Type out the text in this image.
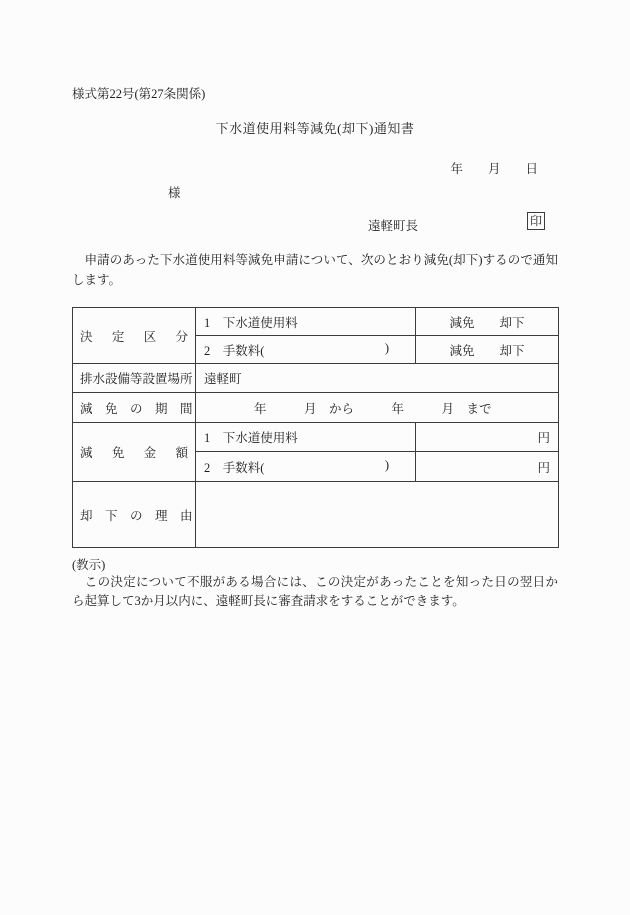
様式第22号(第27条関係)
下水道使用料等減免(却下)通知書
年　　月　　日
様
遠軽町長	印

　申請のあった下水道使用料等減免申請について、次のとおり減免(却下)するので通知します。

決　定　区　分	1　下水道使用料	減免　　却下

	2　手数料( )	減免　　却下
排水設備等設置場所	遠軽町	
減　免　の　期　間	　　　　年　　　月　から　　　年　　　月　まで	
減　免　金　額	1　下水道使用料	円

	2　手数料( )	円
却　下　の　理　由		
(教示)

　この決定について不服がある場合には、この決定があったことを知った日の翌日から起算して3か月以内に、遠軽町長に審査請求をすることができます。
